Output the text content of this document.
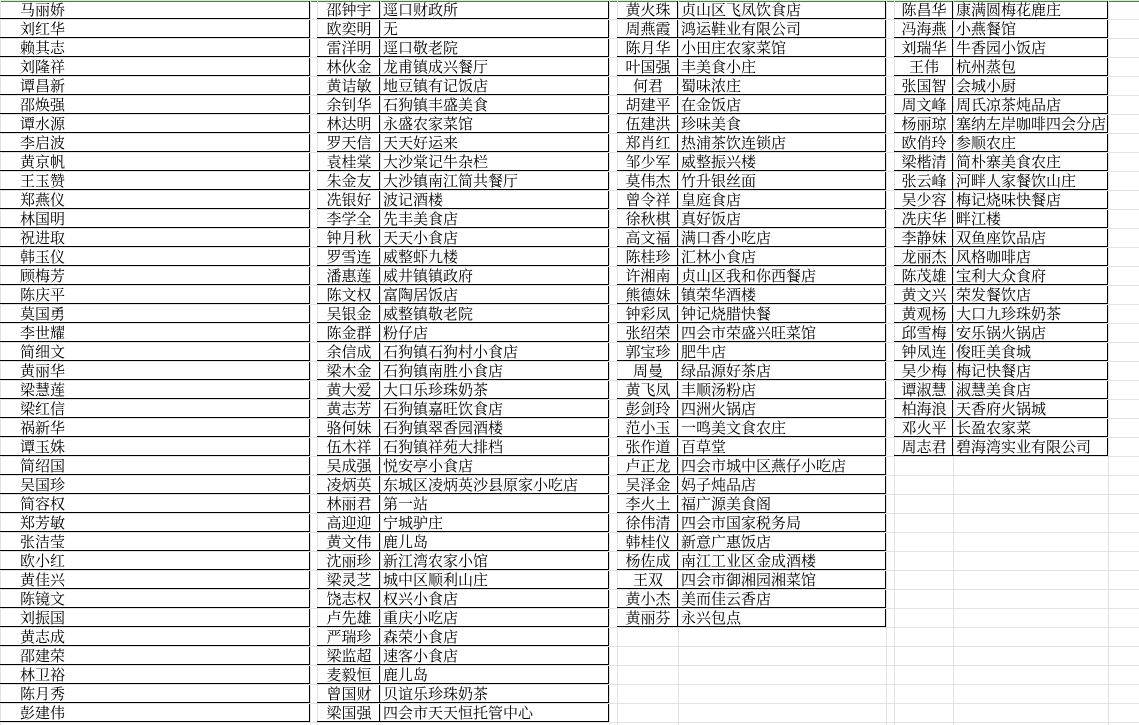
马丽娇
刘红华
赖其志
刘隆祥
谭昌新
邵焕强
谭水源
李启波
黄京帆
王玉赞
郑燕仪
林国明
祝进取
韩玉仪
顾梅芳
陈庆平
莫国勇
李世耀
简细文
黄丽华
梁慧莲
梁红信
祸新华
谭玉姝
简绍国
吴国珍
简容权
郑芳敏
张洁莹
欧小红
黄佳兴
陈镜文
刘振国
黄志成
邵建荣
林卫裕
陈月秀
彭建伟
邵钟宇 逕口财政所
欧奕明 无
雷洋明 逕口敬老院
林伙金 龙甫镇成兴餐厅
黄诘敏 地豆镇有记饭店
余钊华 石狗镇丰盛美食
林达明 永盛农家菜馆
罗天信 天天好运来
袁桂棠 大沙棠记牛杂栏
朱金友 大沙镇南江简共餐厅
冼银好 波记酒楼
李学全 先丰美食店
钟月秋 天天小食店
罗雪连 威整虾九楼
潘惠莲 威井镇镇政府
陈文权 富陶居饭店
吴银金 威整镇敬老院
陈金群 粉仔店
余信成 石狗镇石狗村小食店
梁木金 石狗镇南胜小食店
黄大爱 大口乐珍珠奶茶
黄志芳 石狗镇嘉旺饮食店
骆何妹 石狗镇翠香园酒楼
伍木祥 石狗镇祥苑大排档
吴成强 悦安亭小食店
凌炳英 东城区凌炳英沙县原家小吃店
林丽君 第一站
高迎迎 宁城驴庄
黄文伟 鹿儿岛
沈丽珍 新江湾农家小馆
梁灵芝 城中区顺利山庄
饶志权 权兴小食店
卢先雄 重庆小吃店
严瑞珍 森荣小食店
梁监超 速客小食店
麦毅恒 鹿儿岛
曾国财 贝谊乐珍珠奶茶
梁国强 四会市天天恒托管中心
黄火珠 贞山区飞凤饮食店
周燕霞 鸿运鞋业有限公司
陈月华 小田庄农家菜馆
叶国强 丰美食小庄
何君	蜀味浓庄
胡建平 在金饭店
伍建洪 珍味美食
郑肖红 热浦茶饮连锁店
邹少军 威整振兴楼
莫伟杰 竹升银丝面
曾令祥 皇庭食店
徐秋棋 真好饭店
高文福 满口香小吃店
陈桂珍 汇林小食店
许湘南 贞山区我和你西餐店
熊德妹 镇荣华酒楼
钟彩凤 钟记烧腊快餐
张绍荣 四会市荣盛兴旺菜馆
郭宝珍 肥牛店
周曼	绿品源好茶店
黄飞凤 丰顺汤粉店
彭剑玲 四洲火锅店
范小玉 一鸣美文食农庄
张作道 百草堂
卢正龙 四会市城中区燕仔小吃店
吴泽金 妈子炖品店
李火土 福广源美食阁
徐伟清 四会市国家税务局
韩桂仪 新意广惠饭店
杨佐成 南江工业区金成酒楼
王双	四会市御湘园湘菜馆
黄小杰 美而佳云香店
黄丽芬 永兴包点
陈昌华 康满圆梅花鹿庄
冯海燕 小燕餐馆
刘瑞华 牛香园小饭店
王伟	杭州蒸包
张国智 会城小厨
周文峰 周氏凉茶炖品店
杨丽琼 塞纳左岸咖啡四会分店
欧俏玲 参顺农庄
梁楷清 简朴寨美食农庄
张云峰 河畔人家餐饮山庄
吴少容 梅记烧味快餐店
冼庆华 畔江楼
李静妹 双鱼座饮品店
龙丽杰 风格咖啡店
陈茂雄 宝利大众食府
黄文兴 荣发餐饮店
黄观杨 大口九珍珠奶茶
邱雪梅 安乐锅火锅店
钟凤连 俊旺美食城
吴少梅 梅记快餐店
谭淑慧 淑慧美食店
柏海浪 天香府火锅城
邓火平 长盈农家菜
周志君 碧海湾实业有限公司
